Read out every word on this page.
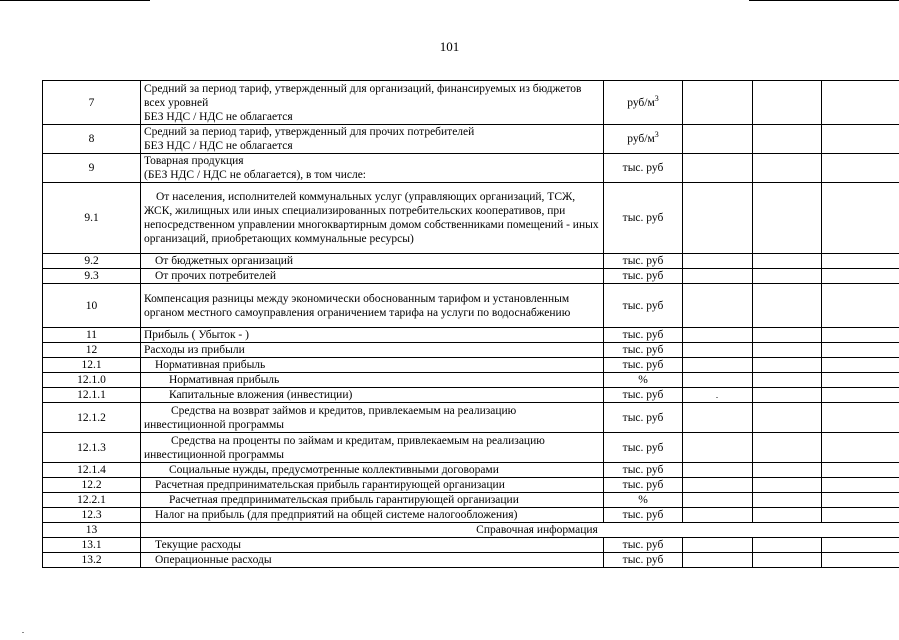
101
7	Средний за период тариф, утвержденный для организаций, финансируемых из бюджетов всех уровней
БЕЗ НДС / НДС не облагается	руб/$м^3$			
8	Средний за период тариф, утвержденный для прочих потребителей
БЕЗ НДС / НДС не облагается	руб/$м^3$			
9	Товарная продукция
(БЕЗ НДС / НДС не облагается), в том числе:	тыс. руб			
9.1	От населения, исполнителей коммунальных услуг (управляющих организаций, ТСЖ, ЖСК, жилищных или иных специализированных потребительских кооперативов, при непосредственном управлении многоквартирным домом собственниками помещений - иных организаций, приобретающих коммунальные ресурсы)	тыс. руб			
9.2	От бюджетных организаций	тыс. руб			
9.3	От прочих потребителей	тыс. руб			
10	Компенсация разницы между экономически обоснованным тарифом и установленным органом местного самоуправления ограничением тарифа на услуги по водоснабжению	тыс. руб			
11	Прибыль ( Убыток - )	тыс. руб			
12	Расходы из прибыли	тыс. руб			
12.1	Нормативная прибыль	тыс. руб			
12.1.0	Нормативная прибыль	%			
12.1.1	Капитальные вложения (инвестиции)	тыс. руб			
12.1.2	Средства на возврат займов и кредитов, привлекаемым на реализацию инвестиционной программы	тыс. руб			
12.1.3	Средства на проценты по займам и кредитам, привлекаемым на реализацию инвестиционной программы	тыс. руб			
12.1.4	Социальные нужды, предусмотренные коллективными договорами	тыс. руб			
12.2	Расчетная предпринимательская прибыль гарантирующей организации	тыс. руб			
12.2.1	Расчетная предпринимательская прибыль гарантирующей организации	%			
12.3	Налог на прибыль (для предприятий на общей системе налогообложения)	тыс. руб			
13	Справочная информация				
13.1	Текущие расходы	тыс. руб			
13.2	Операционные расходы	тыс. руб			
